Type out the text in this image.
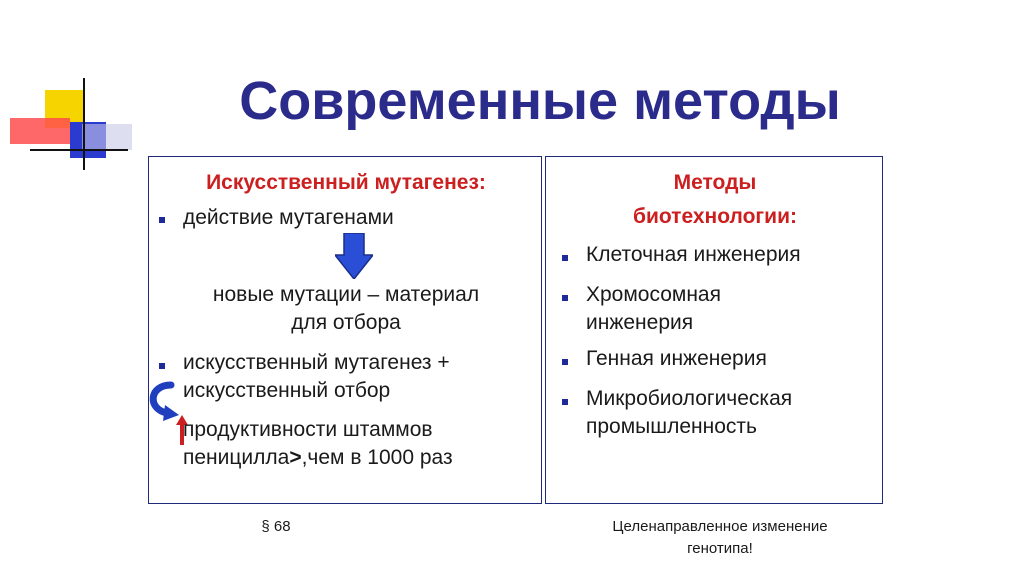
Современные методы
Искусственный мутагенез:
действие мутагенами
новые мутации – материал
для отбора
искусственный мутагенез +
искусственный отбор
продуктивности штаммов
пеницилла>,чем в 1000 раз
Методы
биотехнологии:
Клеточная инженерия
Хромосомная
инженерия
Генная инженерия
Микробиологическая
промышленность
§ 68	Целенаправленное изменение
генотипа!
